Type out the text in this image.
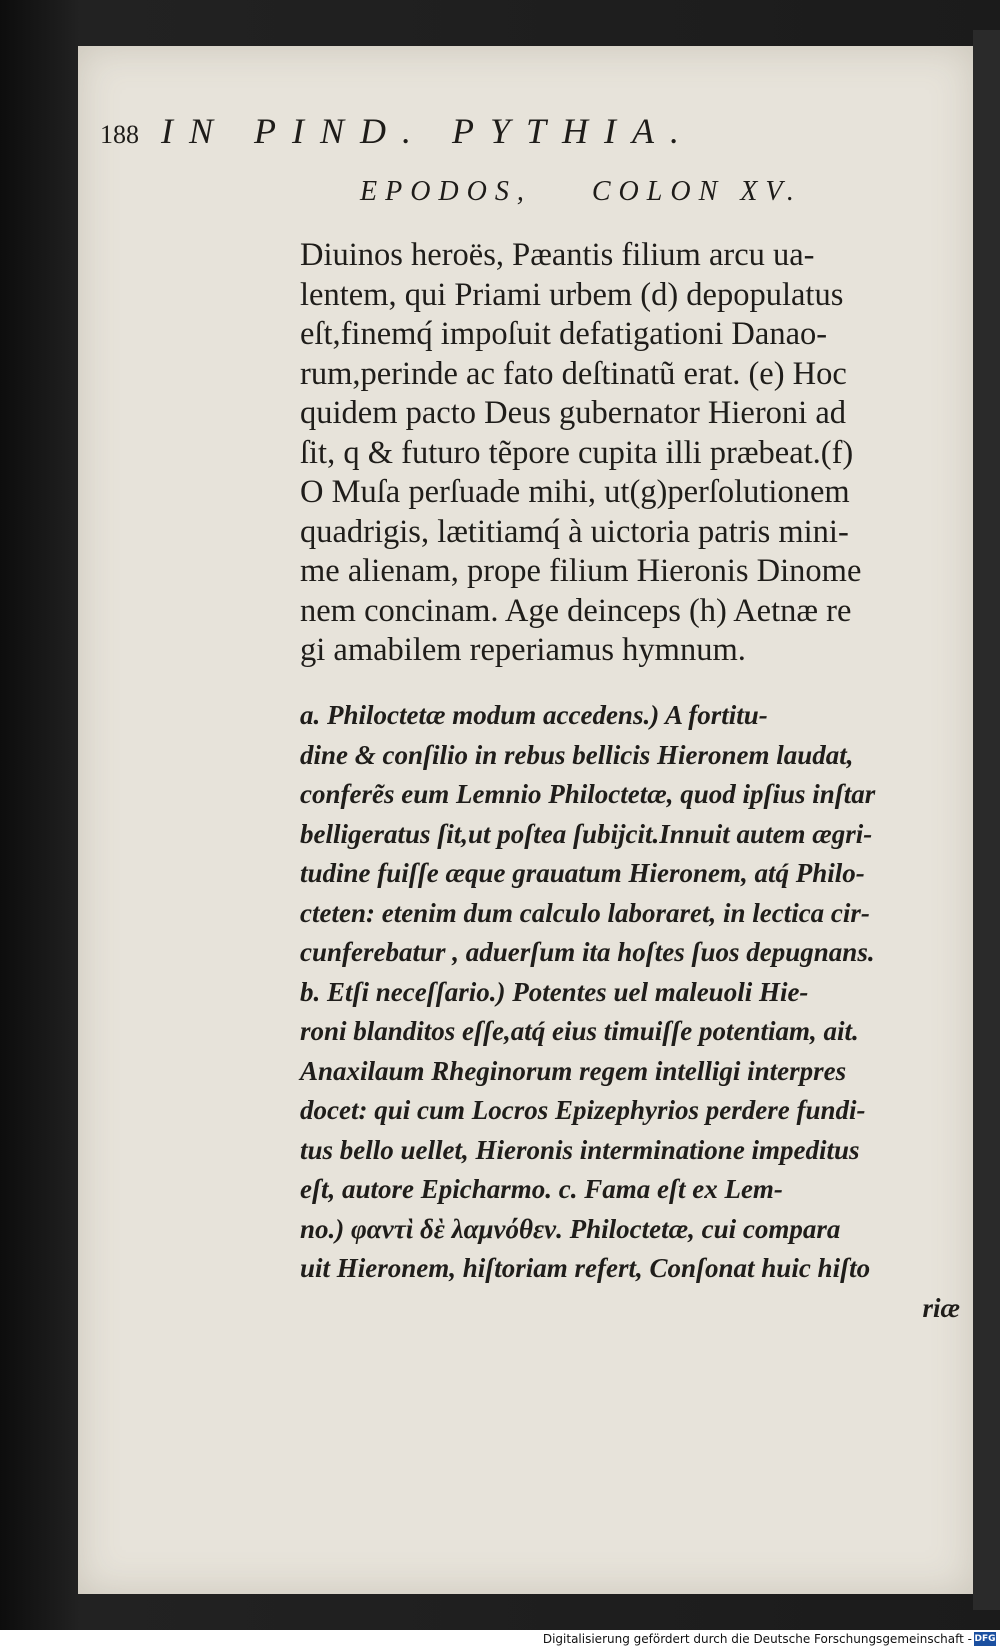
188 IN PIND. PYTHIA.
EPODOS, COLON XV.
Diuinos heroës, Pæantis filium arcu ua-
lentem, qui Priami urbem (d) depopulatus
eſt,finemq́ impoſuit defatigationi Danao-
rum,perinde ac fato deſtinatũ erat. (e) Hoc
quidem pacto Deus gubernator Hieroni ad
ſit, q & futuro tẽpore cupita illi præbeat.(f)
O Muſa perſuade mihi, ut(g)perſolutionem
quadrigis, lætitiamq́ à uictoria patris mini-
me alienam, prope filium Hieronis Dinome
nem concinam. Age deinceps (h) Aetnæ re
gi amabilem reperiamus hymnum.
a. Philoctetæ modum accedens.) A fortitu-
dine & conſilio in rebus bellicis Hieronem laudat,
conferẽs eum Lemnio Philoctetæ, quod ipſius inſtar
belligeratus ſit,ut poſtea ſubijcit.Innuit autem ægri-
tudine fuiſſe æque grauatum Hieronem, atq́ Philo-
cteten: etenim dum calculo laboraret, in lectica cir-
cunferebatur , aduerſum ita hoſtes ſuos depugnans.
b. Etſi neceſſario.) Potentes uel maleuoli Hie-
roni blanditos eſſe,atq́ eius timuiſſe potentiam, ait.
Anaxilaum Rheginorum regem intelligi interpres
docet: qui cum Locros Epizephyrios perdere fundi-
tus bello uellet, Hieronis interminatione impeditus
eſt, autore Epicharmo. c. Fama eſt ex Lem-
no.) φαντὶ δὲ λαμνόθεν. Philoctetæ, cui compara
uit Hieronem, hiſtoriam refert, Conſonat huic hiſto
riæ
Digitalisierung gefördert durch die Deutsche Forschungsgemeinschaft - DFG
